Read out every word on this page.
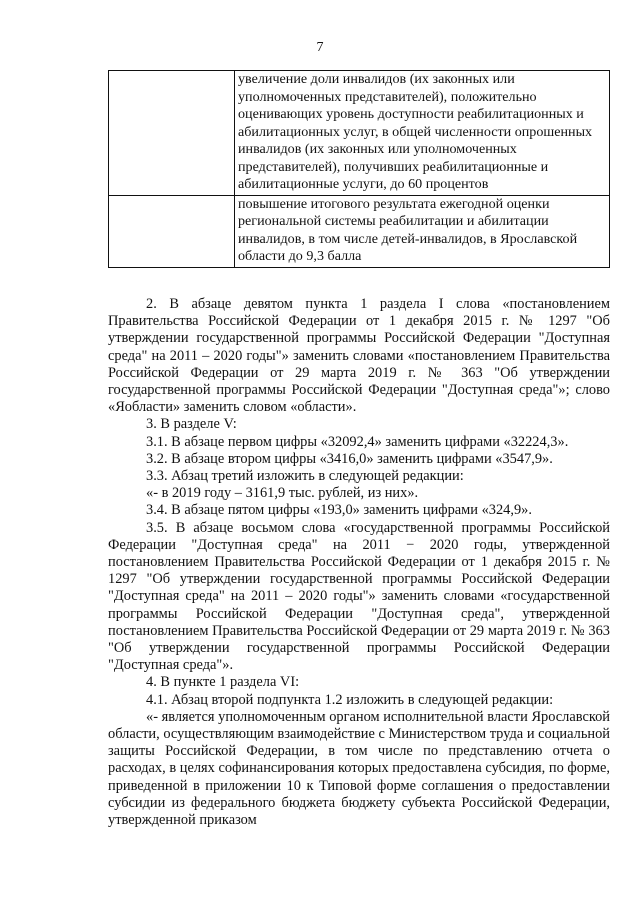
7
	увеличение доли инвалидов (их законных или уполномоченных представителей), положительно оценивающих уровень доступности реабилитационных и абилитационных услуг, в общей численности опрошенных инвалидов (их законных или уполномоченных представителей), получивших реабилитационные и абилитационные услуги, до 60 процентов
	повышение итогового результата ежегодной оценки региональной системы реабилитации и абилитации инвалидов, в том числе детей-инвалидов, в Ярославской области до 9,3 балла

2. В абзаце девятом пункта 1 раздела I слова «постановлением Правительства Российской Федерации от 1 декабря 2015 г. № 1297 "Об утверждении государственной программы Российской Федерации "Доступная среда" на 2011 – 2020 годы"» заменить словами «постановлением Правительства Российской Федерации от 29 марта 2019 г. № 363 "Об утверждении государственной программы Российской Федерации "Доступная среда"»; слово «Яобласти» заменить словом «области».

3. В разделе V:

3.1. В абзаце первом цифры «32092,4» заменить цифрами «32224,3».

3.2. В абзаце втором цифры «3416,0» заменить цифрами «3547,9».

3.3. Абзац третий изложить в следующей редакции:

«- в 2019 году – 3161,9 тыс. рублей, из них».

3.4. В абзаце пятом цифры «193,0» заменить цифрами «324,9».

3.5. В абзаце восьмом слова «государственной программы Российской Федерации "Доступная среда" на 2011 − 2020 годы, утвержденной постановлением Правительства Российской Федерации от 1 декабря 2015 г. № 1297 "Об утверждении государственной программы Российской Федерации "Доступная среда" на 2011 – 2020 годы"» заменить словами «государственной программы Российской Федерации "Доступная среда", утвержденной постановлением Правительства Российской Федерации от 29 марта 2019 г. № 363 "Об утверждении государственной программы Российской Федерации "Доступная среда"».

4. В пункте 1 раздела VI:

4.1. Абзац второй подпункта 1.2 изложить в следующей редакции:

«- является уполномоченным органом исполнительной власти Ярославской области, осуществляющим взаимодействие с Министерством труда и социальной защиты Российской Федерации, в том числе по представлению отчета о расходах, в целях софинансирования которых предоставлена субсидия, по форме, приведенной в приложении 10 к Типовой форме соглашения о предоставлении субсидии из федерального бюджета бюджету субъекта Российской Федерации, утвержденной приказом
